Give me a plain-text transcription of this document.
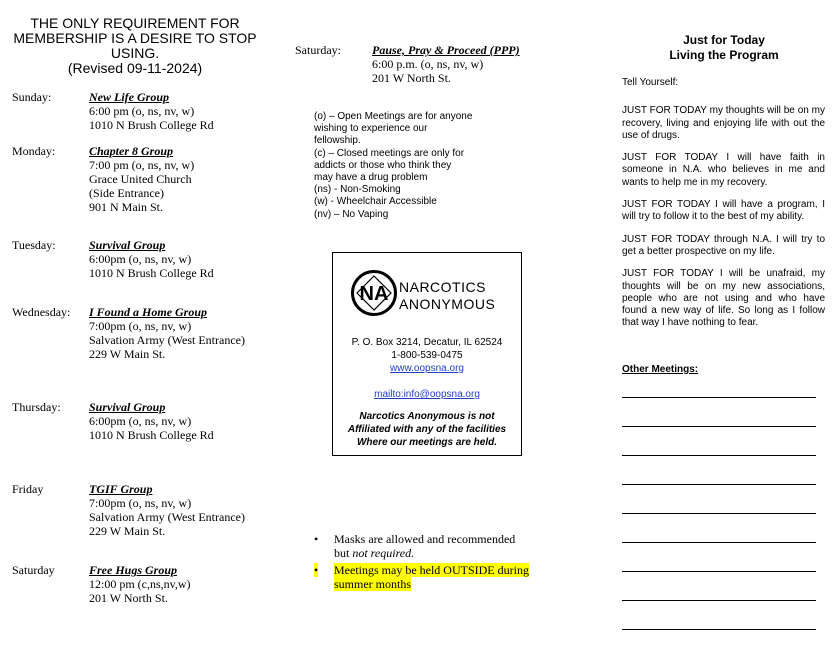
THE ONLY REQUIREMENT FOR
MEMBERSHIP IS A DESIRE TO STOP
USING.
(Revised 09-11-2024)
Sunday:	New Life Group
6:00 pm (o, ns, nv, w)
1010 N Brush College Rd
Monday:	Chapter 8 Group
7:00 pm (o, ns, nv, w)
Grace United Church
(Side Entrance)
901 N Main St.
Tuesday:	Survival Group
6:00pm (o, ns, nv, w)
1010 N Brush College Rd
Wednesday: I Found a Home Group
7:00pm (o, ns, nv, w)
Salvation Army (West Entrance)
229 W Main St.
Thursday: Survival Group
6:00pm (o, ns, nv, w)
1010 N Brush College Rd
Friday	TGIF Group
7:00pm (o, ns, nv, w)
Salvation Army (West Entrance)
229 W Main St.
Saturday	Free Hugs Group
12:00 pm (c,ns,nv,w)
201 W North St.
Saturday:	Pause, Pray & Proceed (PPP)
6:00 p.m. (o, ns, nv, w)
201 W North St.
(o) – Open Meetings are for anyone
wishing to experience our
fellowship.
(c) – Closed meetings are only for
addicts or those who think they
may have a drug problem
(ns) - Non-Smoking
(w) - Wheelchair Accessible
(nv) – No Vaping
NA NARCOTICS
ANONYMOUS
P. O. Box 3214, Decatur, IL 62524
1-800-539-0475
www.oopsna.org
mailto:info@oopsna.org
Narcotics Anonymous is not
Affiliated with any of the facilities
Where our meetings are held.
• Masks are allowed and recommended
but not required.
• Meetings may be held OUTSIDE during
summer months
Just for Today
Living the Program

Tell Yourself:

JUST FOR TODAY my thoughts will be on my recovery, living and enjoying life with out the use of drugs.

JUST FOR TODAY I will have faith in someone in N.A. who believes in me and wants to help me in my recovery.

JUST FOR TODAY I will have a program, I will try to follow it to the best of my ability.

JUST FOR TODAY through N.A. I will try to get a better prospective on my life.

JUST FOR TODAY I will be unafraid, my thoughts will be on my new associations, people who are not using and who have found a new way of life. So long as I follow that way I have nothing to fear.

Other Meetings:
